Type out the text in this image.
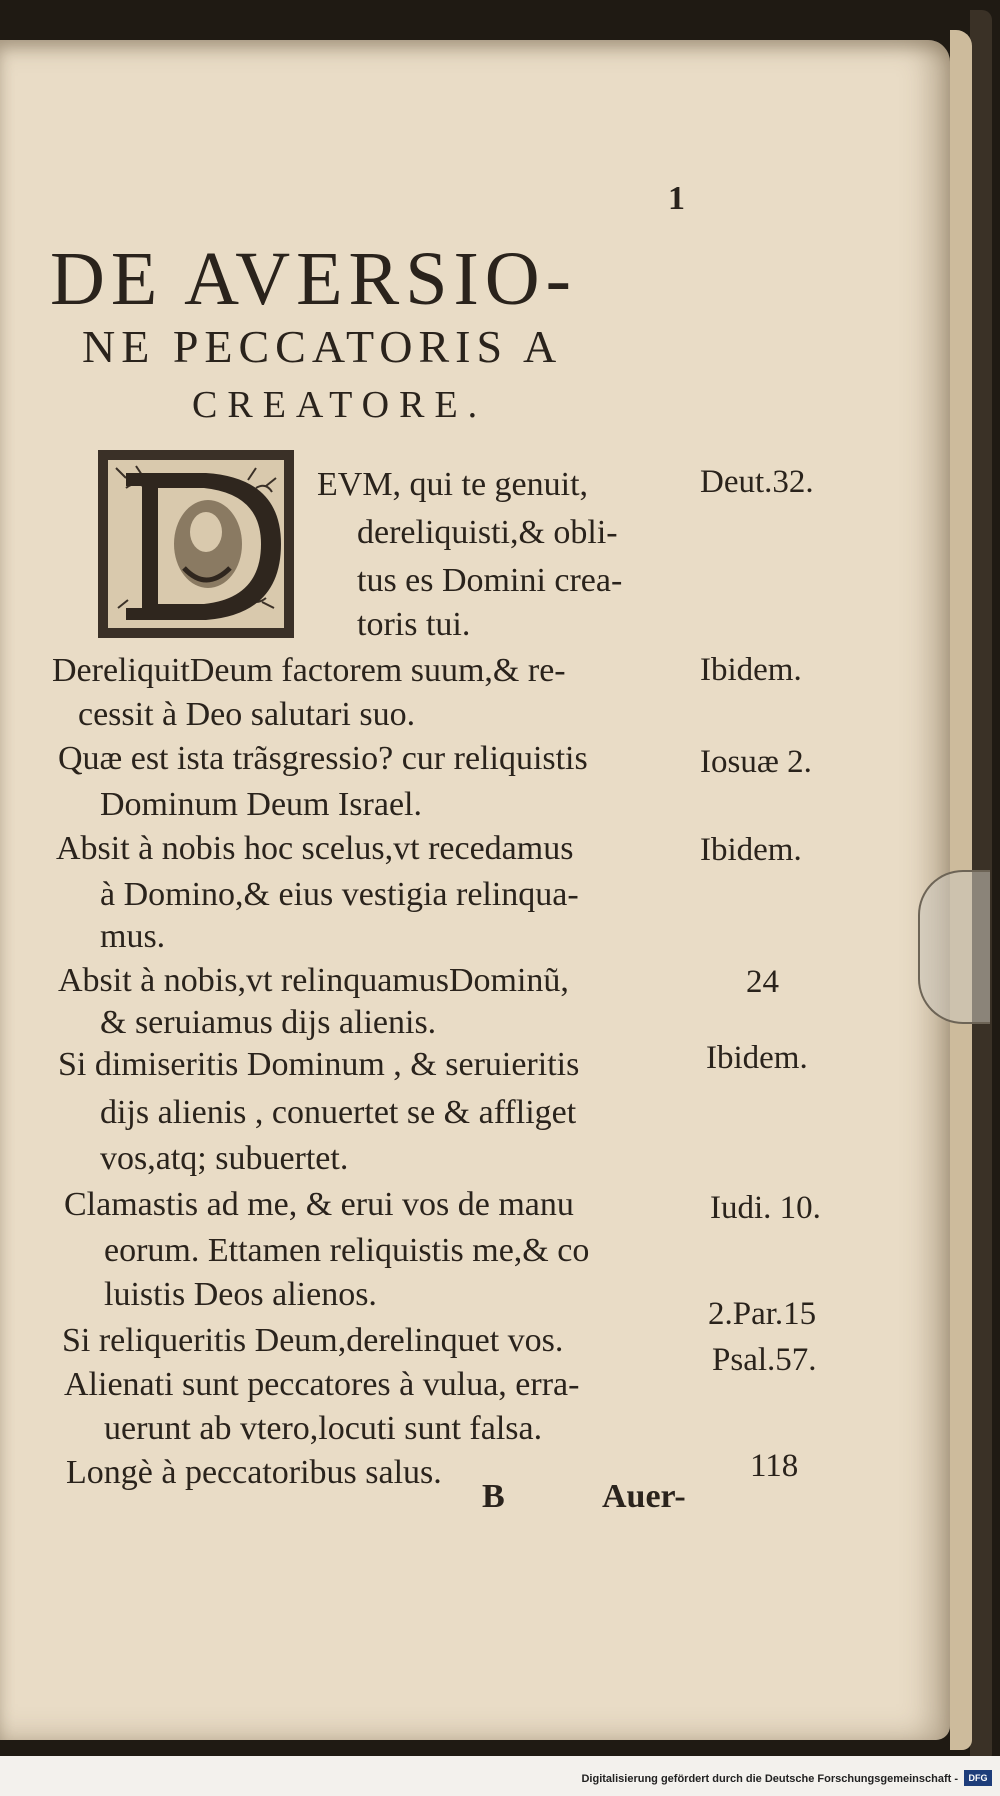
1
DE AVERSIO-
NE PECCATORIS A
CREATORE.
EVM, qui te genuit,
dereliquisti,& obli-
tus es Domini crea-
toris tui.
DereliquitDeum factorem suum,& re-
cessit à Deo salutari suo.
Quæ est ista trãsgressio? cur reliquistis
Dominum Deum Israel.
Absit à nobis hoc scelus,vt recedamus
à Domino,& eius vestigia relinqua-
mus.
Absit à nobis,vt relinquamusDominũ,
& seruiamus dijs alienis.
Si dimiseritis Dominum , & seruieritis
dijs alienis , conuertet se & affliget
vos,atq; subuertet.
Clamastis ad me, & erui vos de manu
eorum. Ettamen reliquistis me,& co
luistis Deos alienos.
Si reliqueritis Deum,derelinquet vos.
Alienati sunt peccatores à vulua, erra-
uerunt ab vtero,locuti sunt falsa.
Longè à peccatoribus salus.
Deut.32.
Ibidem.
Iosuæ 2.
Ibidem.
24
Ibidem.
Iudi. 10.
2.Par.15
Psal.57.
118
B	Auer-
Digitalisierung gefördert durch die Deutsche Forschungsgemeinschaft -	DFG
